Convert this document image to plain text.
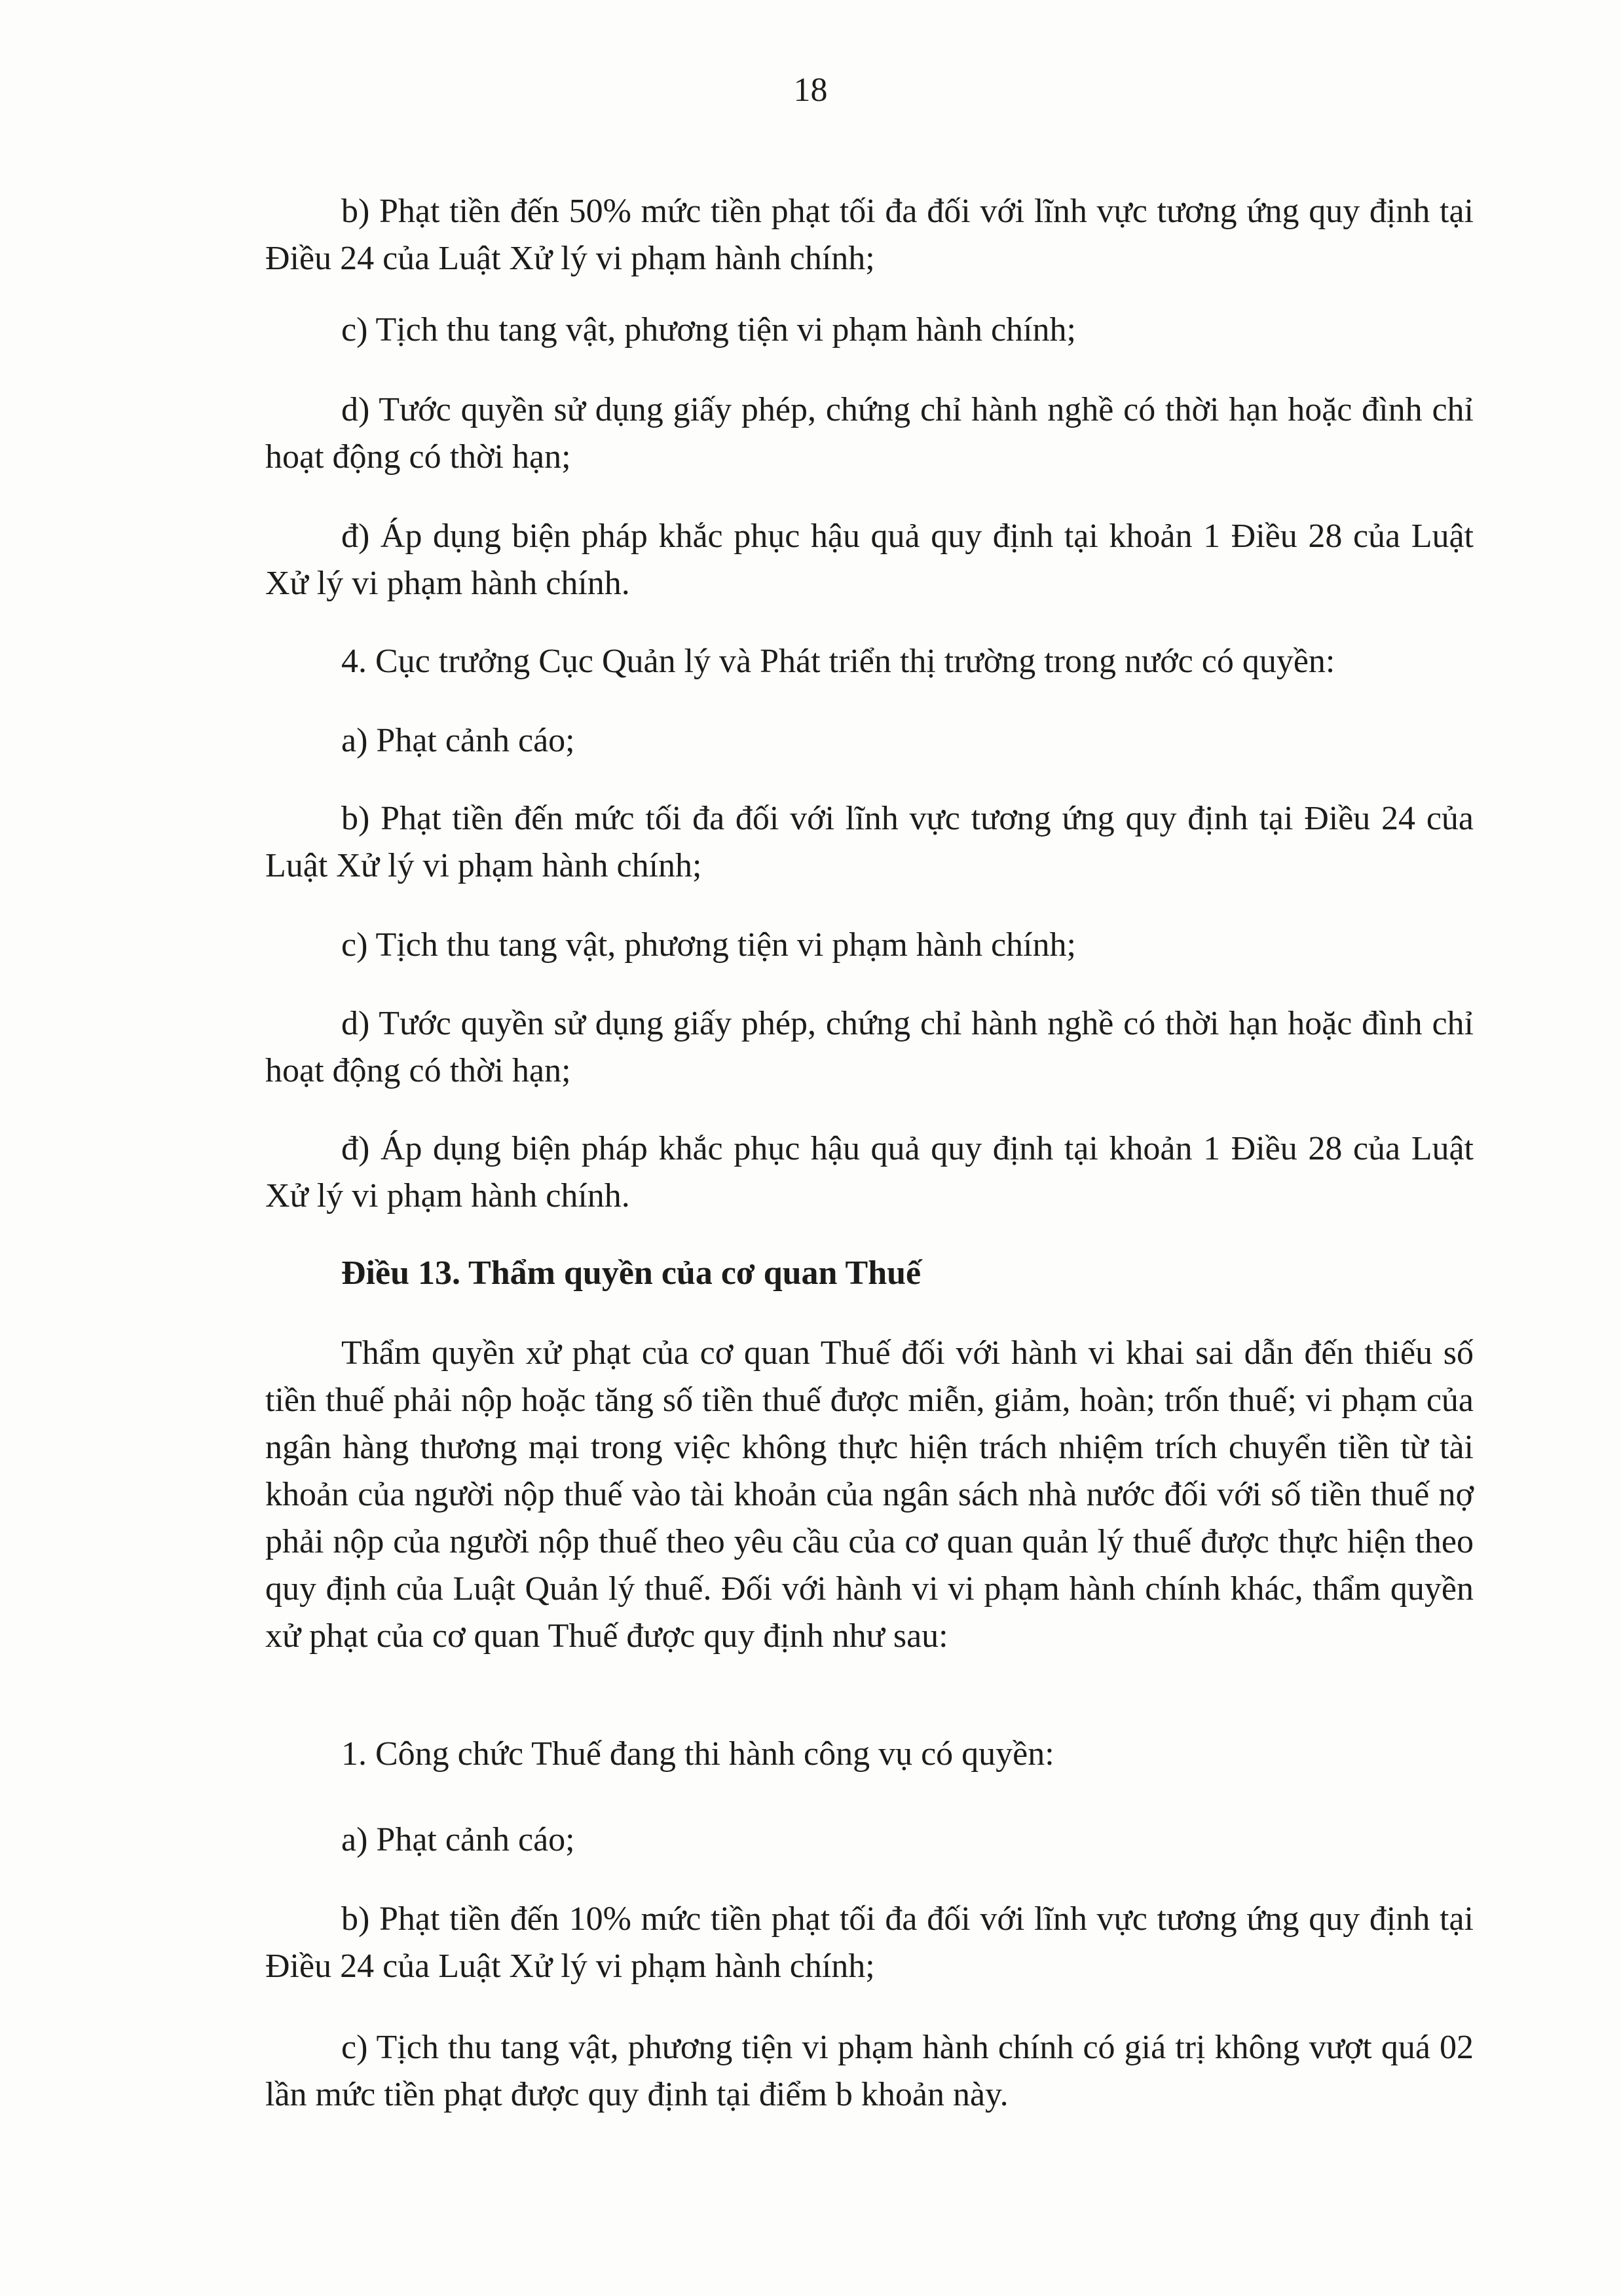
18
b) Phạt tiền đến 50% mức tiền phạt tối đa đối với lĩnh vực tương ứng quy định tại Điều 24 của Luật Xử lý vi phạm hành chính;
c) Tịch thu tang vật, phương tiện vi phạm hành chính;
d) Tước quyền sử dụng giấy phép, chứng chỉ hành nghề có thời hạn hoặc đình chỉ hoạt động có thời hạn;
đ) Áp dụng biện pháp khắc phục hậu quả quy định tại khoản 1 Điều 28 của Luật Xử lý vi phạm hành chính.
4. Cục trưởng Cục Quản lý và Phát triển thị trường trong nước có quyền:
a) Phạt cảnh cáo;
b) Phạt tiền đến mức tối đa đối với lĩnh vực tương ứng quy định tại Điều 24 của Luật Xử lý vi phạm hành chính;
c) Tịch thu tang vật, phương tiện vi phạm hành chính;
d) Tước quyền sử dụng giấy phép, chứng chỉ hành nghề có thời hạn hoặc đình chỉ hoạt động có thời hạn;
đ) Áp dụng biện pháp khắc phục hậu quả quy định tại khoản 1 Điều 28 của Luật Xử lý vi phạm hành chính.
Điều 13. Thẩm quyền của cơ quan Thuế
Thẩm quyền xử phạt của cơ quan Thuế đối với hành vi khai sai dẫn đến thiếu số tiền thuế phải nộp hoặc tăng số tiền thuế được miễn, giảm, hoàn; trốn thuế; vi phạm của ngân hàng thương mại trong việc không thực hiện trách nhiệm trích chuyển tiền từ tài khoản của người nộp thuế vào tài khoản của ngân sách nhà nước đối với số tiền thuế nợ phải nộp của người nộp thuế theo yêu cầu của cơ quan quản lý thuế được thực hiện theo quy định của Luật Quản lý thuế. Đối với hành vi vi phạm hành chính khác, thẩm quyền xử phạt của cơ quan Thuế được quy định như sau:
1. Công chức Thuế đang thi hành công vụ có quyền:
a) Phạt cảnh cáo;
b) Phạt tiền đến 10% mức tiền phạt tối đa đối với lĩnh vực tương ứng quy định tại Điều 24 của Luật Xử lý vi phạm hành chính;
c) Tịch thu tang vật, phương tiện vi phạm hành chính có giá trị không vượt quá 02 lần mức tiền phạt được quy định tại điểm b khoản này.
